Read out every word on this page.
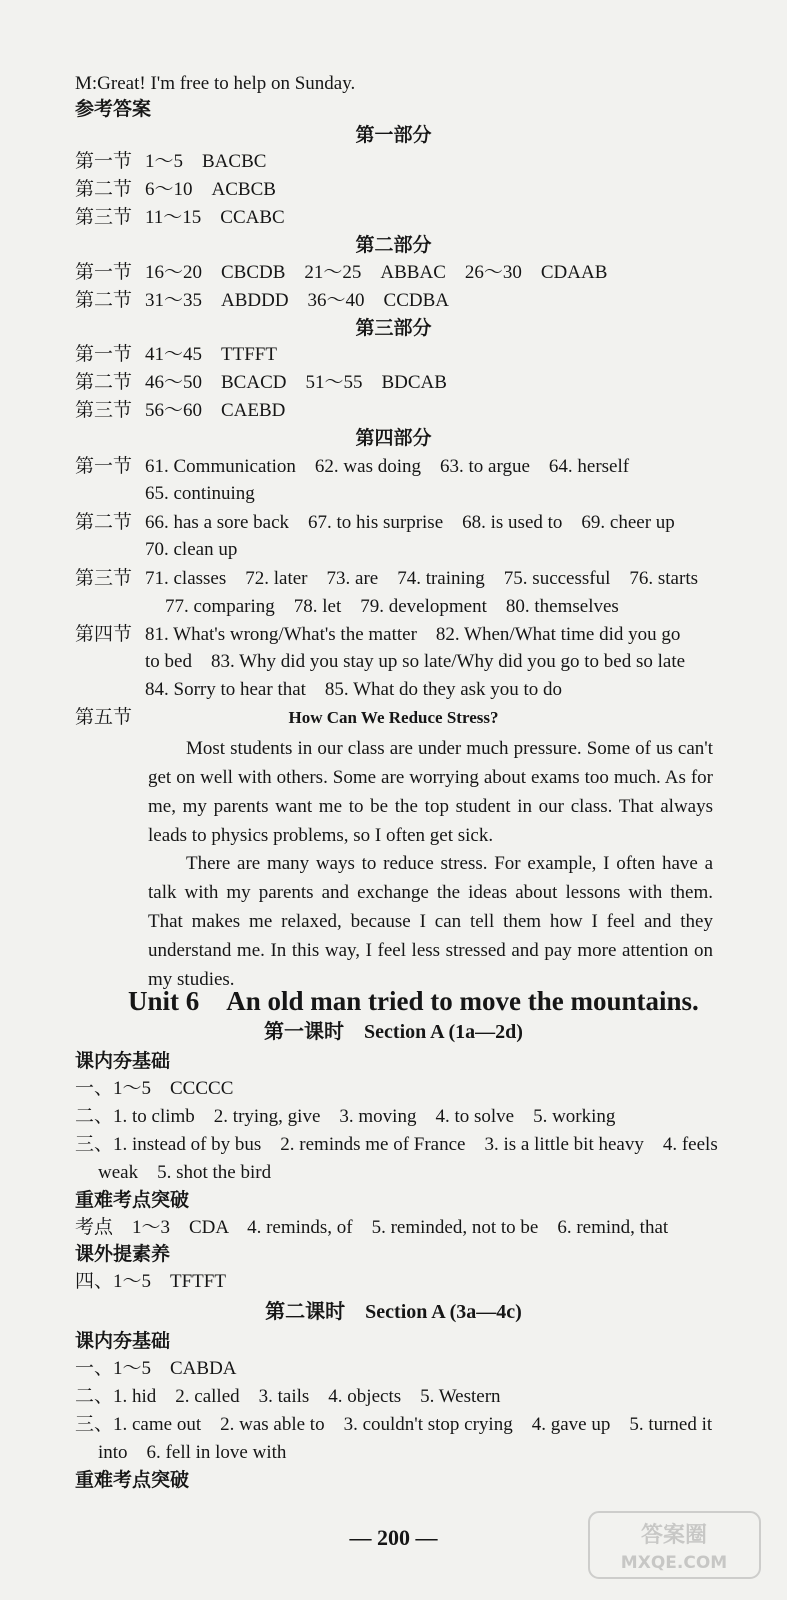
M:Great! I'm free to help on Sunday.
参考答案
第一部分
第一节 1～5　BACBC
第二节 6～10　ACBCB
第三节 11～15　CCABC
第二部分
第一节 16～20　CBCDB　21～25　ABBAC　26～30　CDAAB
第二节 31～35　ABDDD　36～40　CCDBA
第三部分
第一节 41～45　TTFFT
第二节 46～50　BCACD　51～55　BDCAB
第三节 56～60　CAEBD
第四部分
第一节 61. Communication　62. was doing　63. to argue　64. herself
65. continuing
第二节 66. has a sore back　67. to his surprise　68. is used to　69. cheer up
70. clean up
第三节 71. classes　72. later　73. are　74. training　75. successful　76. starts
77. comparing　78. let　79. development　80. themselves
第四节 81. What's wrong/What's the matter　82. When/What time did you go
to bed　83. Why did you stay up so late/Why did you go to bed so late
84. Sorry to hear that　85. What do they ask you to do
第五节	How Can We Reduce Stress?
Most students in our class are under much pressure. Some of us can't get on well with others. Some are worrying about exams too much. As for me, my parents want me to be the top student in our class. That always leads to physics problems, so I often get sick.
There are many ways to reduce stress. For example, I often have a talk with my parents and exchange the ideas about lessons with them. That makes me relaxed, because I can tell them how I feel and they understand me. In this way, I feel less stressed and pay more attention on my studies.
Unit 6　An old man tried to move the mountains.
第一课时　Section A (1a—2d)
课内夯基础
一、1～5　CCCCC
二、1. to climb　2. trying, give　3. moving　4. to solve　5. working
三、1. instead of by bus　2. reminds me of France　3. is a little bit heavy　4. feels
weak　5. shot the bird
重难考点突破
考点　1～3　CDA　4. reminds, of　5. reminded, not to be　6. remind, that
课外提素养
四、1～5　TFTFT
第二课时　Section A (3a—4c)
课内夯基础
一、1～5　CABDA
二、1. hid　2. called　3. tails　4. objects　5. Western
三、1. came out　2. was able to　3. couldn't stop crying　4. gave up　5. turned it
into　6. fell in love with
重难考点突破
— 200 —	答案圈
MXQE.COM
